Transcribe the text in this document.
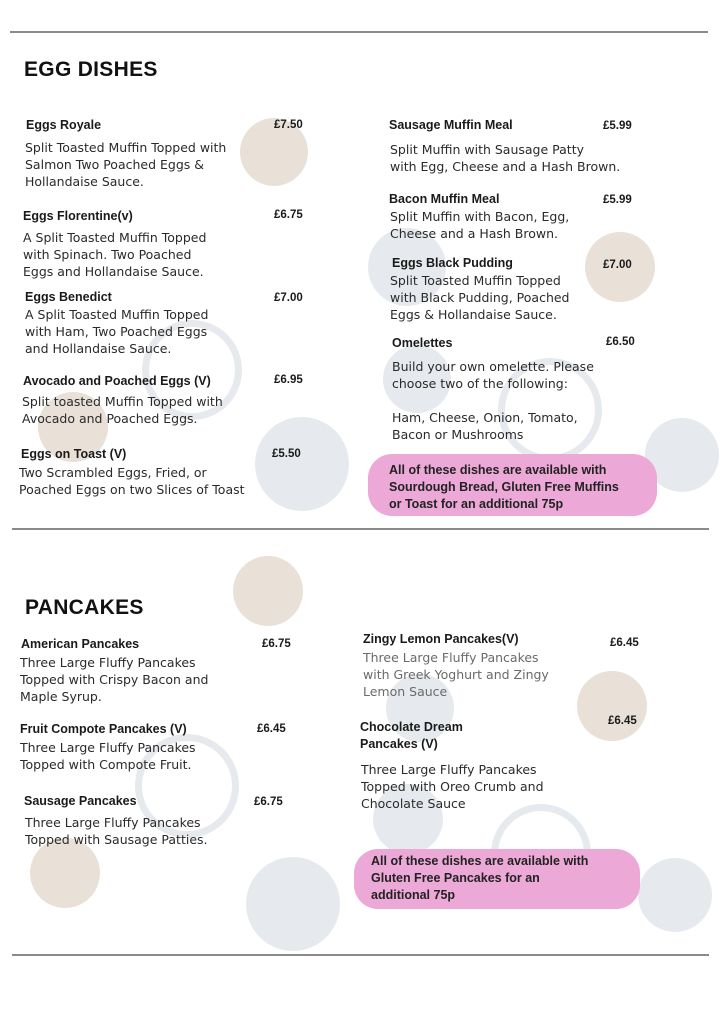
EGG DISHES
Eggs Royale	£7.50
Split Toasted Muffin Topped with
Salmon Two Poached Eggs &
Hollandaise Sauce.
Eggs Florentine(v)	£6.75
A Split Toasted Muffin Topped
with Spinach. Two Poached
Eggs and Hollandaise Sauce.
Eggs Benedict	£7.00
A Split Toasted Muffin Topped
with Ham, Two Poached Eggs
and Hollandaise Sauce.
Avocado and Poached Eggs (V)	£6.95
Split toasted Muffin Topped with
Avocado and Poached Eggs.
Eggs on Toast (V)	£5.50
Two Scrambled Eggs, Fried, or
Poached Eggs on two Slices of Toast
Sausage Muffin Meal	£5.99
Split Muffin with Sausage Patty
with Egg, Cheese and a Hash Brown.
Bacon Muffin Meal	£5.99
Split Muffin with Bacon, Egg,
Cheese and a Hash Brown.
Eggs Black Pudding	£7.00
Split Toasted Muffin Topped
with Black Pudding, Poached
Eggs & Hollandaise Sauce.
Omelettes	£6.50
Build your own omelette. Please
choose two of the following:
Ham, Cheese, Onion, Tomato,
Bacon or Mushrooms
All of these dishes are available with
Sourdough Bread, Gluten Free Muffins
or Toast for an additional 75p
PANCAKES
American Pancakes	£6.75
Three Large Fluffy Pancakes
Topped with Crispy Bacon and
Maple Syrup.
Fruit Compote Pancakes (V)	£6.45
Three Large Fluffy Pancakes
Topped with Compote Fruit.
Sausage Pancakes	£6.75
Three Large Fluffy Pancakes
Topped with Sausage Patties.
Zingy Lemon Pancakes(V)	£6.45
Three Large Fluffy Pancakes
with Greek Yoghurt and Zingy
Lemon Sauce
Chocolate Dream
Pancakes (V)
£6.45
Three Large Fluffy Pancakes
Topped with Oreo Crumb and
Chocolate Sauce
All of these dishes are available with
Gluten Free Pancakes for an
additional 75p
